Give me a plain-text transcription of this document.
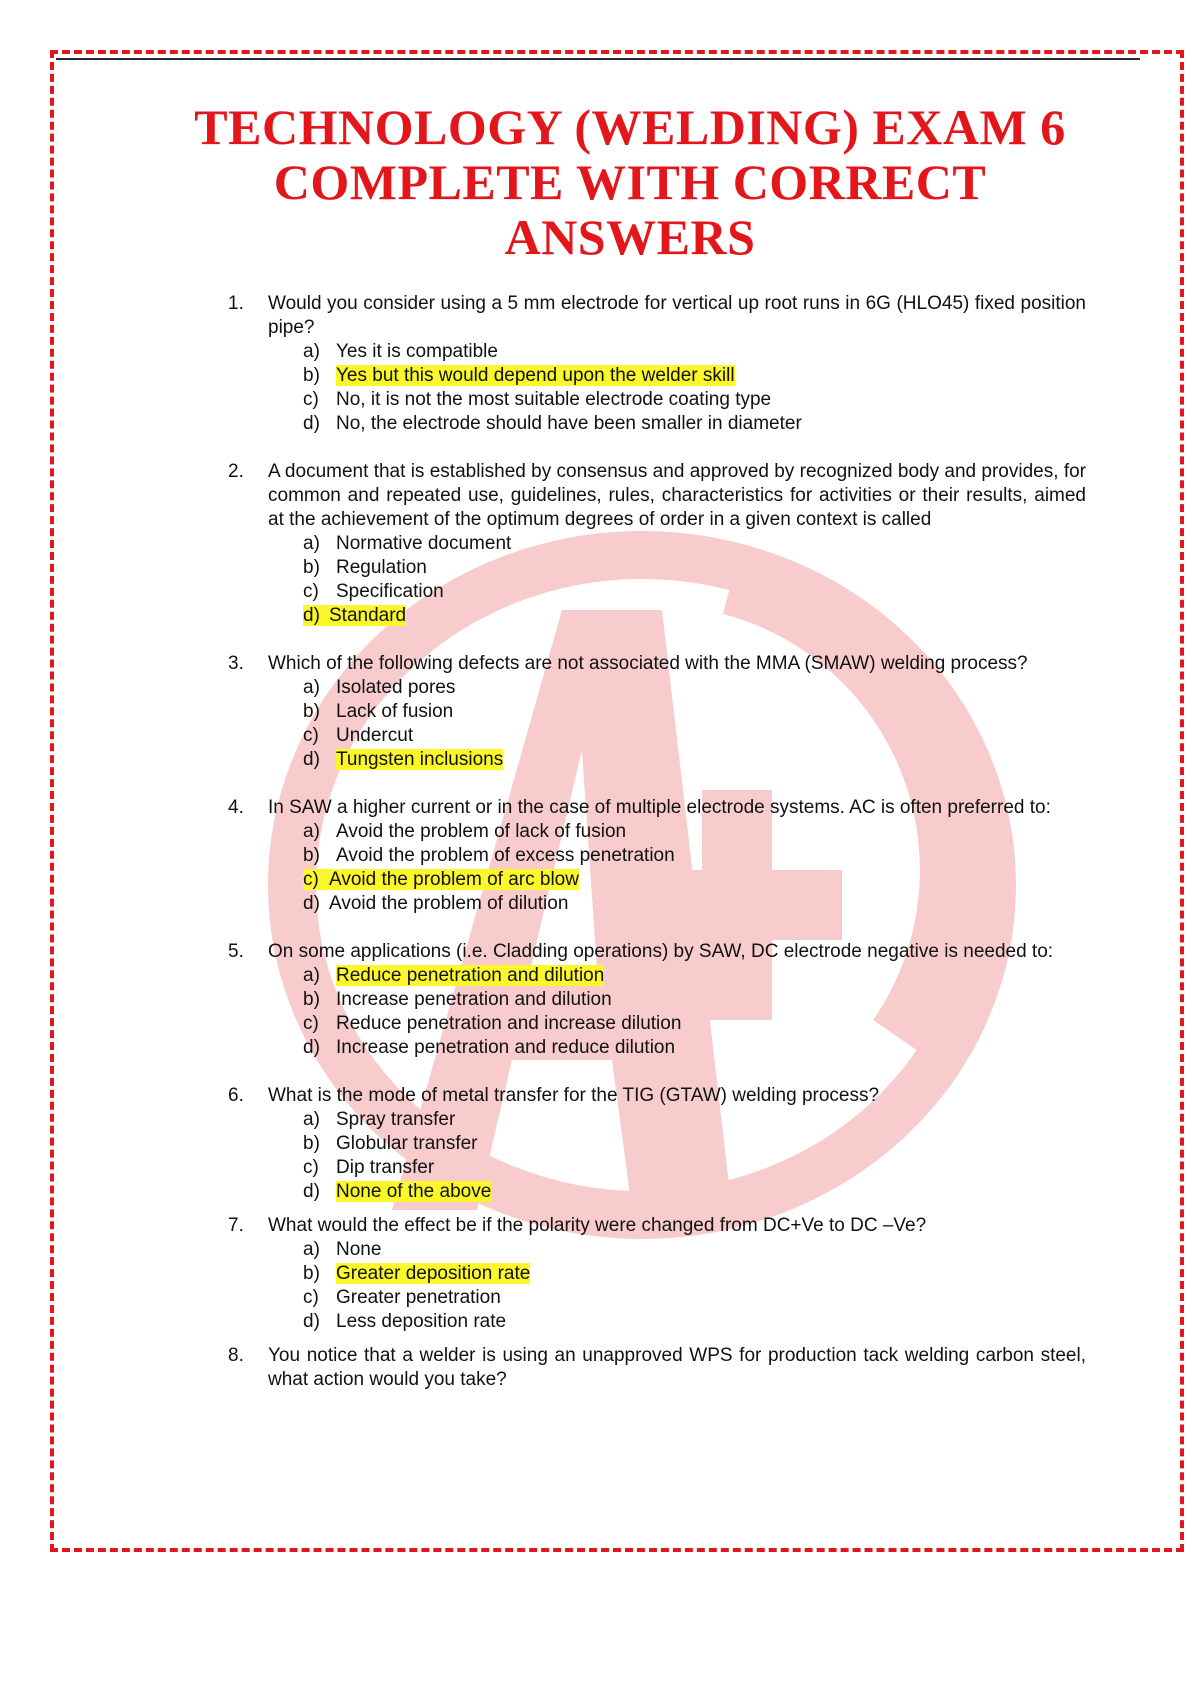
TECHNOLOGY (WELDING) EXAM 6
COMPLETE WITH CORRECT
ANSWERS
1. Would you consider using a 5 mm electrode for vertical up root runs in 6G (HLO45) fixed position pipe?
a) Yes it is compatible
b) Yes but this would depend upon the welder skill
c) No, it is not the most suitable electrode coating type
d) No, the electrode should have been smaller in diameter
2. A document that is established by consensus and approved by recognized body and provides, for common and repeated use, guidelines, rules, characteristics for activities or their results, aimed at the achievement of the optimum degrees of order in a given context is called
a) Normative document
b) Regulation
c) Specification
d) Standard
3. Which of the following defects are not associated with the MMA (SMAW) welding process?
a) Isolated pores
b) Lack of fusion
c) Undercut
d) Tungsten inclusions
4. In SAW a higher current or in the case of multiple electrode systems. AC is often preferred to:
a) Avoid the problem of lack of fusion
b) Avoid the problem of excess penetration
c) Avoid the problem of arc blow
d) Avoid the problem of dilution
5. On some applications (i.e. Cladding operations) by SAW, DC electrode negative is needed to:
a) Reduce penetration and dilution
b) Increase penetration and dilution
c) Reduce penetration and increase dilution
d) Increase penetration and reduce dilution
6. What is the mode of metal transfer for the TIG (GTAW) welding process?
a) Spray transfer
b) Globular transfer
c) Dip transfer
d) None of the above
7. What would the effect be if the polarity were changed from DC+Ve to DC –Ve?
a) None
b) Greater deposition rate
c) Greater penetration
d) Less deposition rate
8. You notice that a welder is using an unapproved WPS for production tack welding carbon steel, what action would you take?
